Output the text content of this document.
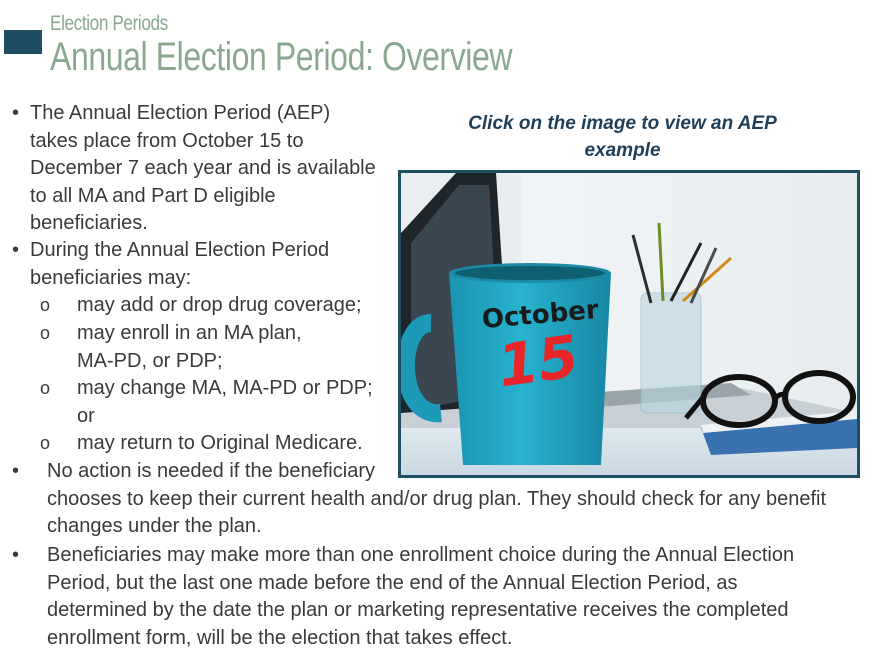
Election Periods
Annual Election Period: Overview
• The Annual Election Period (AEP)
takes place from October 15 to
December 7 each year and is available
to all MA and Part D eligible
beneficiaries.
• During the Annual Election Period
beneficiaries may:
o may add or drop drug coverage;
o may enroll in an MA plan,
MA-PD, or PDP;
o may change MA, MA-PD or PDP;
or
o may return to Original Medicare.
• No action is needed if the beneficiary
chooses to keep their current health and/or drug plan. They should check for any benefit
changes under the plan.
• Beneficiaries may make more than one enrollment choice during the Annual Election
Period, but the last one made before the end of the Annual Election Period, as
determined by the date the plan or marketing representative receives the completed
enrollment form, will be the election that takes effect.
Click on the image to view an AEP
example
October
15
